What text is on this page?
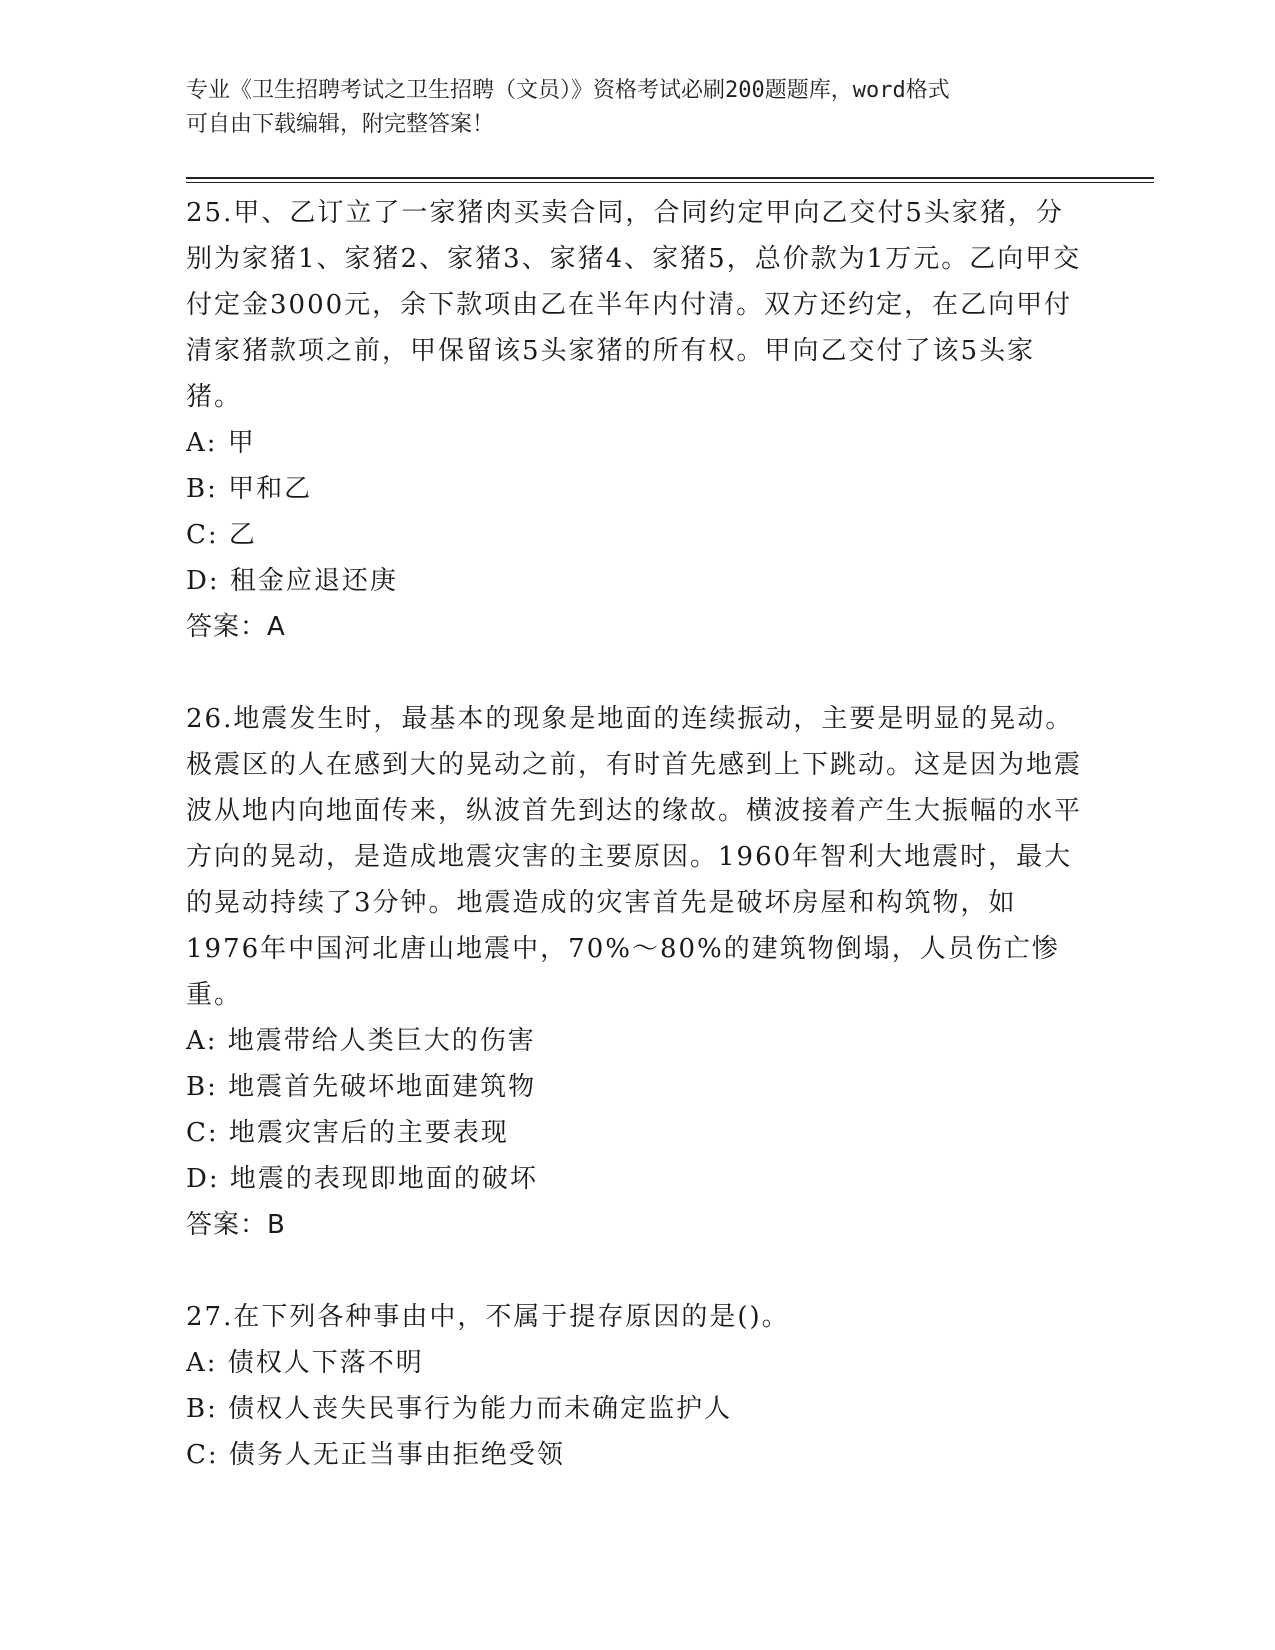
专业《卫生招聘考试之卫生招聘（文员）》资格考试必刷200题题库，word格式
可自由下载编辑，附完整答案！

25.甲、乙订立了一家猪肉买卖合同，合同约定甲向乙交付5头家猪，分别为家猪1、家猪2、家猪3、家猪4、家猪5，总价款为1万元。乙向甲交付定金3000元，余下款项由乙在半年内付清。双方还约定，在乙向甲付清家猪款项之前，甲保留该5头家猪的所有权。甲向乙交付了该5头家猪。

A: 甲

B: 甲和乙

C: 乙

D: 租金应退还庚

答案：A

26.地震发生时，最基本的现象是地面的连续振动，主要是明显的晃动。极震区的人在感到大的晃动之前，有时首先感到上下跳动。这是因为地震波从地内向地面传来，纵波首先到达的缘故。横波接着产生大振幅的水平方向的晃动，是造成地震灾害的主要原因。1960年智利大地震时，最大的晃动持续了3分钟。地震造成的灾害首先是破坏房屋和构筑物，如1976年中国河北唐山地震中，70%～80%的建筑物倒塌，人员伤亡惨重。

A: 地震带给人类巨大的伤害

B: 地震首先破坏地面建筑物

C: 地震灾害后的主要表现

D: 地震的表现即地面的破坏

答案：B

27.在下列各种事由中，不属于提存原因的是()。

A: 债权人下落不明

B: 债权人丧失民事行为能力而未确定监护人

C: 债务人无正当事由拒绝受领
